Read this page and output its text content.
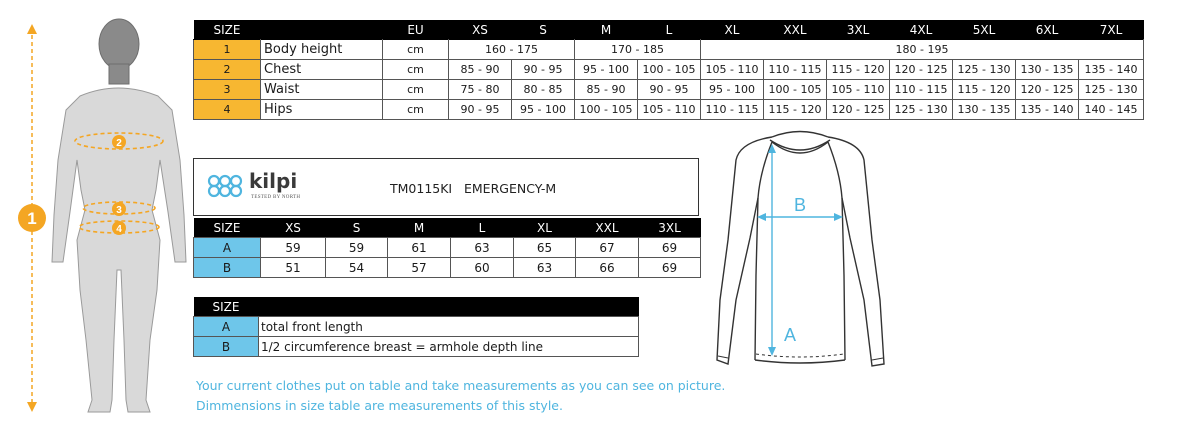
1
2
3
4
SIZE		EU	XS	S	M	L	XL	XXL	3XL	4XL	5XL	6XL	7XL
1	Body height	cm	160 - 175		170 - 185		180 - 195						
2	Chest	cm	85 - 90	90 - 95	95 - 100	100 - 105	105 - 110	110 - 115	115 - 120	120 - 125	125 - 130	130 - 135	135 - 140
3	Waist	cm	75 - 80	80 - 85	85 - 90	90 - 95	95 - 100	100 - 105	105 - 110	110 - 115	115 - 120	120 - 125	125 - 130
4	Hips	cm	90 - 95	95 - 100	100 - 105	105 - 110	110 - 115	115 - 120	120 - 125	125 - 130	130 - 135	135 - 140	140 - 145
kilpi
TESTED BY NORTH
TM0115KI EMERGENCY-M
SIZE	XS	S	M	L	XL	XXL	3XL
A	59	59	61	63	65	67	69
B	51	54	57	60	63	66	69
SIZE	
A	total front length
B	1/2 circumference breast = armhole depth line
Your current clothes put on table and take measurements as you can see on picture.
Dimmensions in size table are measurements of this style.
A
B
